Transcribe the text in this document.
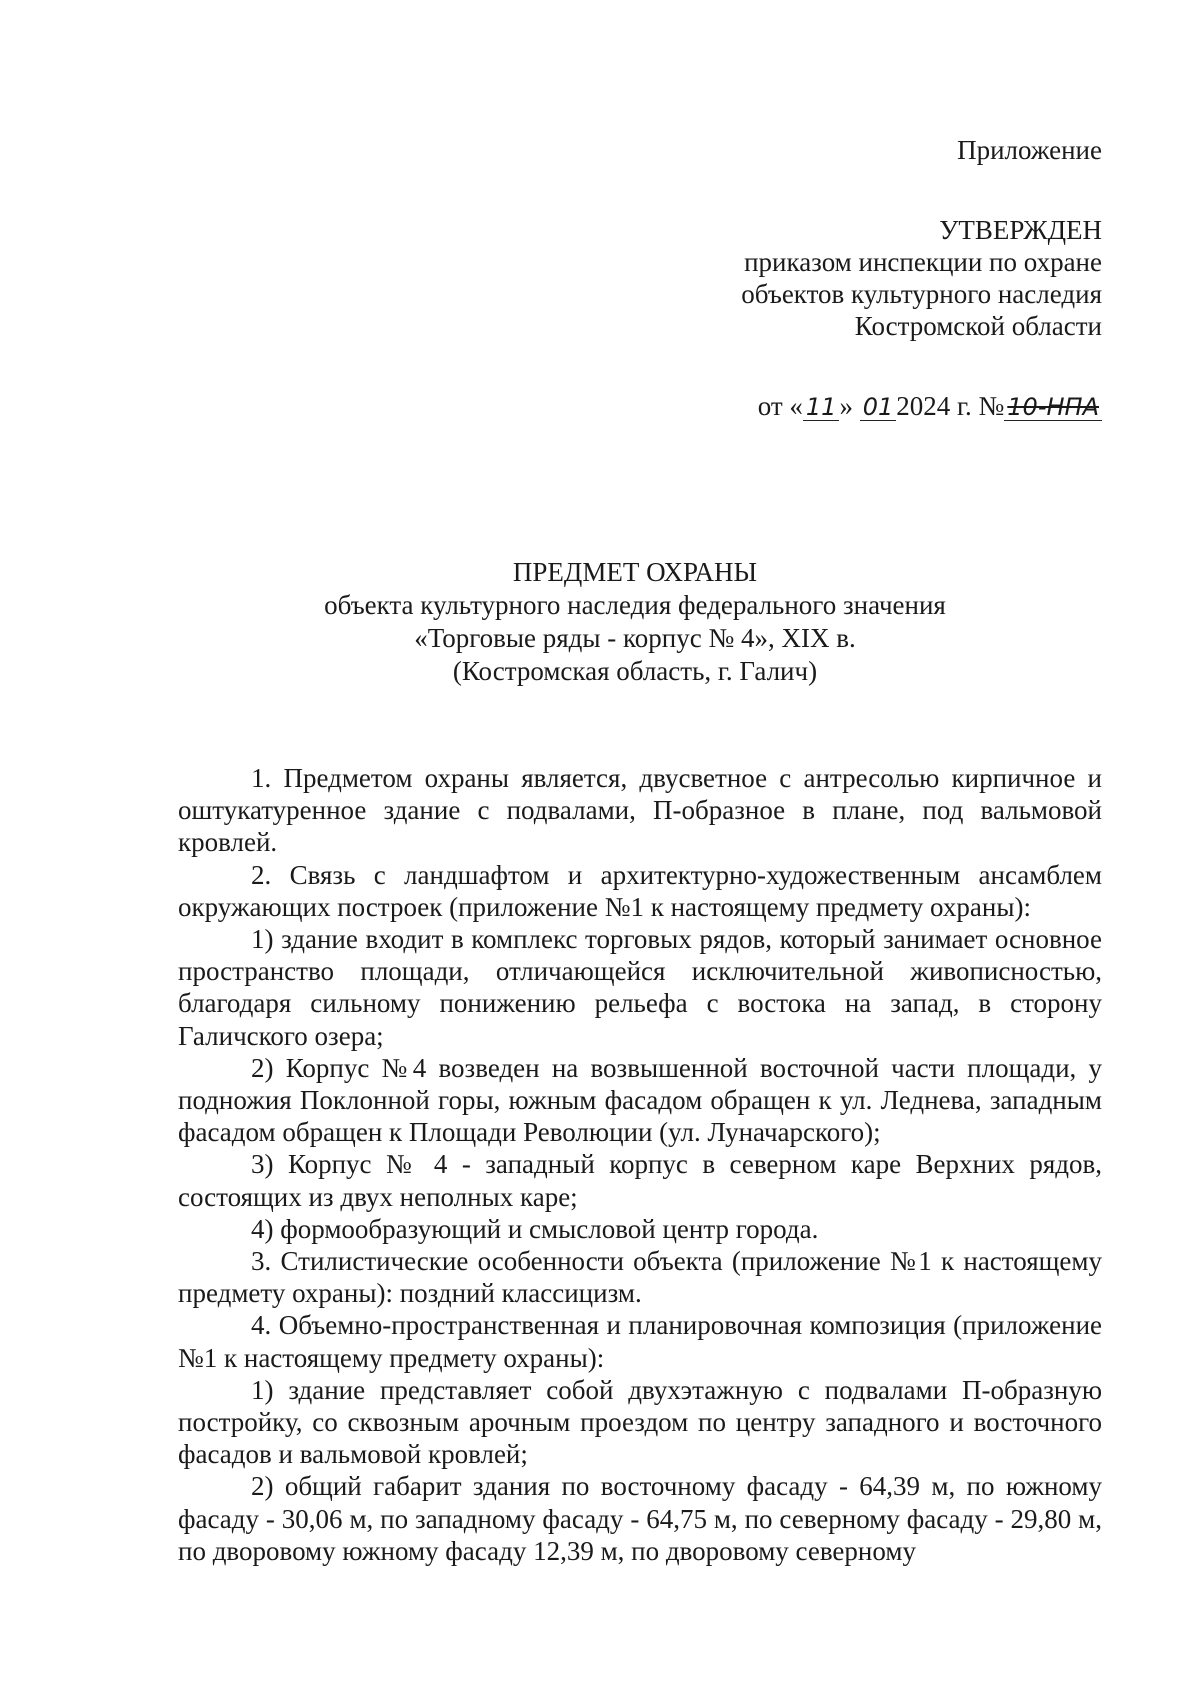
Приложение
УТВЕРЖДЕН
приказом инспекции по охране
объектов культурного наследия
Костромской области
от « 11 » 01 2024 г. № 10-НПА
ПРЕДМЕТ ОХРАНЫ
объекта культурного наследия федерального значения
«Торговые ряды - корпус № 4», XIX в.
(Костромская область, г. Галич)

1. Предметом охраны является, двусветное с антресолью кирпичное и оштукатуренное здание с подвалами, П-образное в плане, под вальмовой кровлей.

2. Связь с ландшафтом и архитектурно-художественным ансамблем окружающих построек (приложение №1 к настоящему предмету охраны):

1) здание входит в комплекс торговых рядов, который занимает основное пространство площади, отличающейся исключительной живописностью, благодаря сильному понижению рельефа с востока на запад, в сторону Галичского озера;

2) Корпус №4 возведен на возвышенной восточной части площади, у подножия Поклонной горы, южным фасадом обращен к ул. Леднева, западным фасадом обращен к Площади Революции (ул. Луначарского);

3) Корпус № 4 - западный корпус в северном каре Верхних рядов, состоящих из двух неполных каре;

4) формообразующий и смысловой центр города.

3. Стилистические особенности объекта (приложение №1 к настоящему предмету охраны): поздний классицизм.

4. Объемно-пространственная и планировочная композиция (приложение №1 к настоящему предмету охраны):

1) здание представляет собой двухэтажную с подвалами П-образную постройку, со сквозным арочным проездом по центру западного и восточного фасадов и вальмовой кровлей;

2) общий габарит здания по восточному фасаду - 64,39 м, по южному фасаду - 30,06 м, по западному фасаду - 64,75 м, по северному фасаду - 29,80 м, по дворовому южному фасаду 12,39 м, по дворовому северному
